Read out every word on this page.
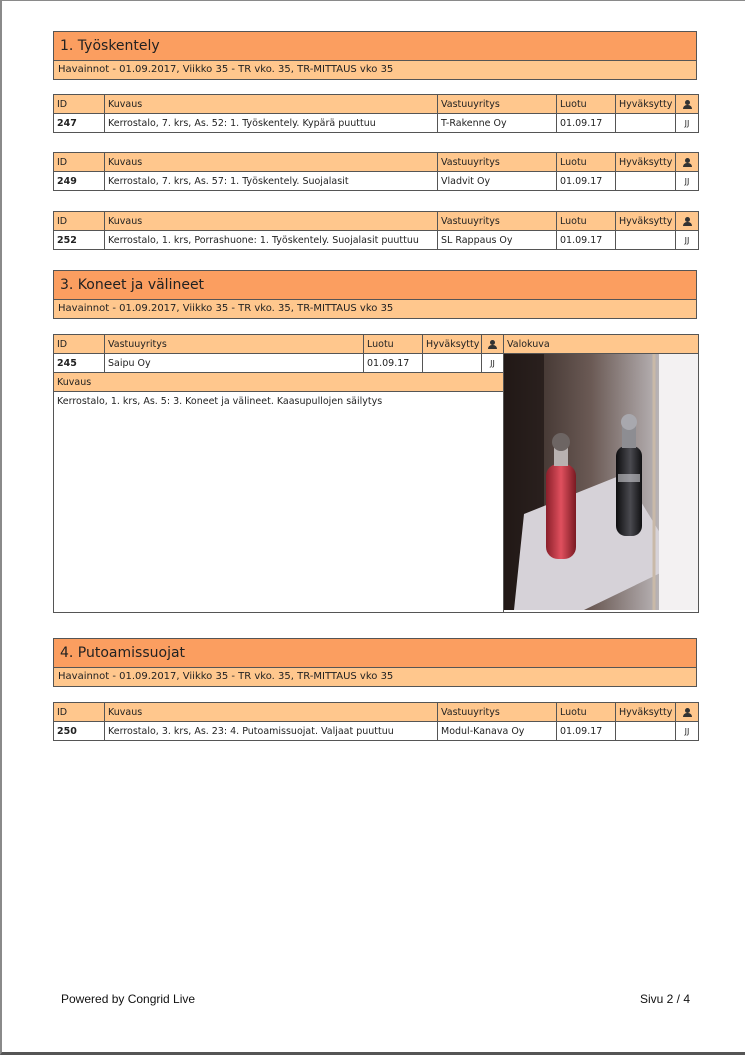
1. Työskentely
Havainnot - 01.09.2017, Viikko 35 - TR vko. 35, TR-MITTAUS vko 35
ID	Kuvaus	Vastuuyritys	Luotu	Hyväksytty	
247	Kerrostalo, 7. krs, As. 52: 1. Työskentely. Kypärä puuttuu	T-Rakenne Oy	01.09.17		JJ
ID	Kuvaus	Vastuuyritys	Luotu	Hyväksytty	
249	Kerrostalo, 7. krs, As. 57: 1. Työskentely. Suojalasit	Vladvit Oy	01.09.17		JJ
ID	Kuvaus	Vastuuyritys	Luotu	Hyväksytty	
252	Kerrostalo, 1. krs, Porrashuone: 1. Työskentely. Suojalasit puuttuu	SL Rappaus Oy	01.09.17		JJ
3. Koneet ja välineet
Havainnot - 01.09.2017, Viikko 35 - TR vko. 35, TR-MITTAUS vko 35
ID	Vastuuyritys	Luotu	Hyväksytty		Valokuva
245	Saipu Oy	01.09.17		JJ	

Kuvaus					
Kerrostalo, 1. krs, As. 5: 3. Koneet ja välineet. Kaasupullojen säilytys					
4. Putoamissuojat
Havainnot - 01.09.2017, Viikko 35 - TR vko. 35, TR-MITTAUS vko 35
ID	Kuvaus	Vastuuyritys	Luotu	Hyväksytty	
250	Kerrostalo, 3. krs, As. 23: 4. Putoamissuojat. Valjaat puuttuu	Modul-Kanava Oy	01.09.17		JJ
Powered by Congrid Live	Sivu 2 / 4
